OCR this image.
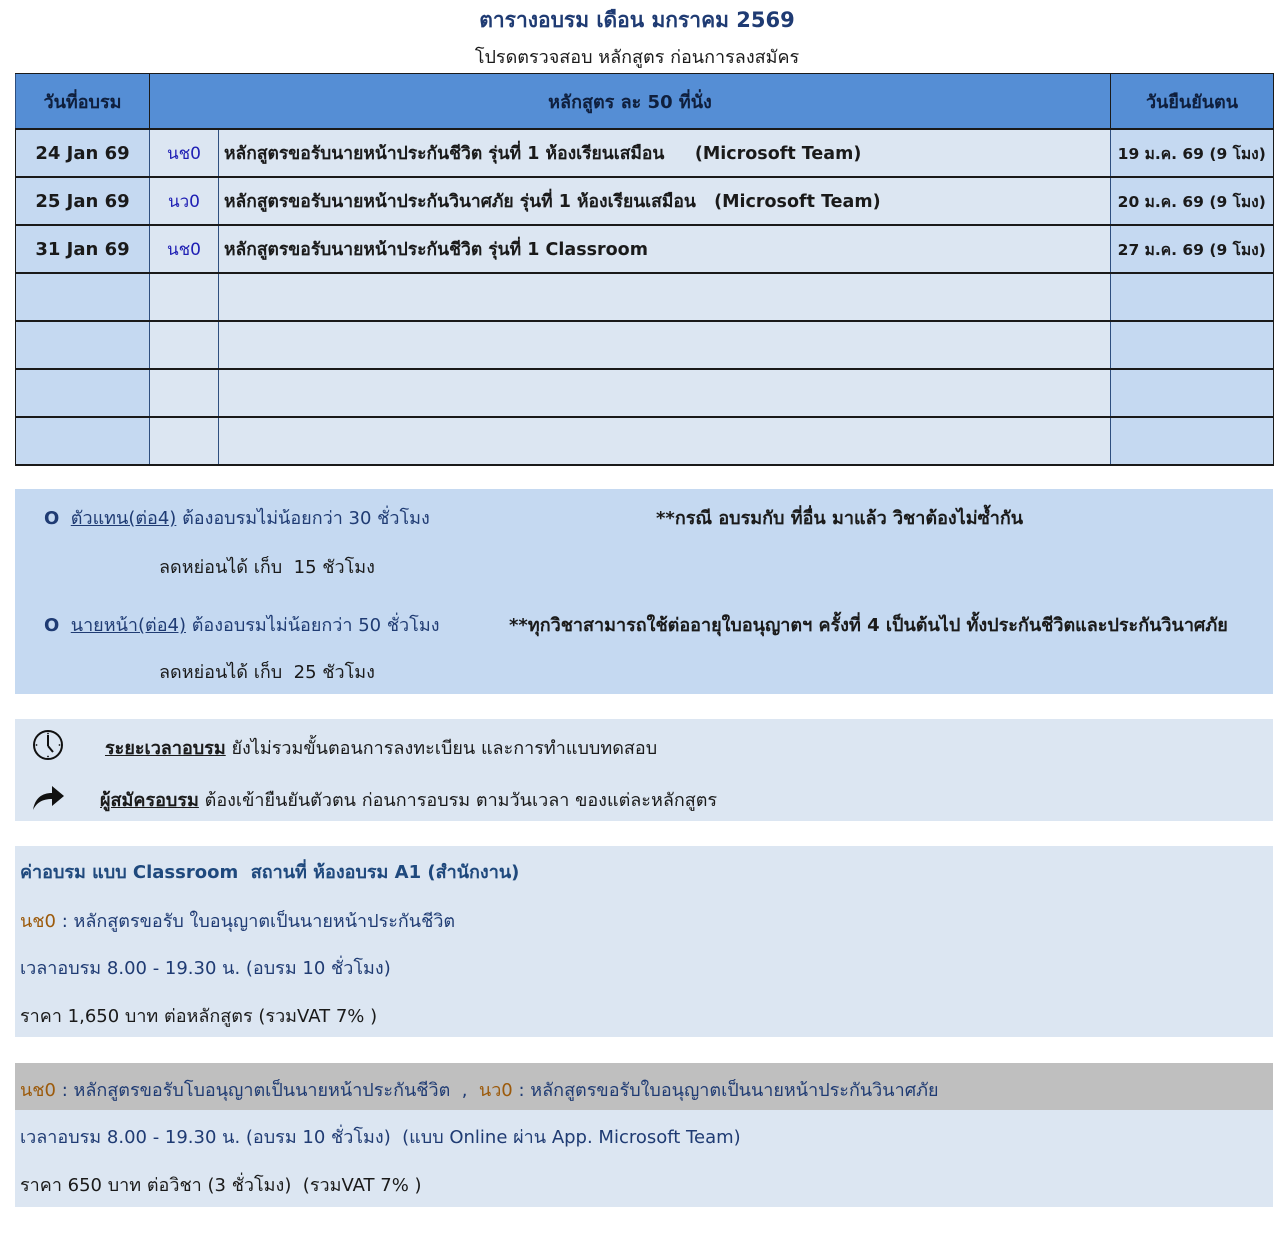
ตารางอบรม เดือน มกราคม 2569
โปรดตรวจสอบ หลักสูตร ก่อนการลงสมัคร
วันที่อบรม	หลักสูตร ละ 50 ที่นั่ง		วันยืนยันตน
24 Jan 69	นช0	หลักสูตรขอรับนายหน้าประกันชีวิต รุ่นที่ 1 ห้องเรียนเสมือน     (Microsoft Team)	19 ม.ค. 69 (9 โมง)
25 Jan 69	นว0	หลักสูตรขอรับนายหน้าประกันวินาศภัย รุ่นที่ 1 ห้องเรียนเสมือน   (Microsoft Team)	20 ม.ค. 69 (9 โมง)
31 Jan 69	นช0	หลักสูตรขอรับนายหน้าประกันชีวิต รุ่นที่ 1 Classroom	27 ม.ค. 69 (9 โมง)

O ตัวแทน(ต่อ4) ต้องอบรมไม่น้อยกว่า 30 ชั่วโมง	**กรณี อบรมกับ ที่อื่น มาแล้ว วิชาต้องไม่ซ้ำกัน
ลดหย่อนได้ เก็บ  15 ชัวโมง
O นายหน้า(ต่อ4) ต้องอบรมไม่น้อยกว่า 50 ชั่วโมง	**ทุกวิชาสามารถใช้ต่ออายุใบอนุญาตฯ ครั้งที่ 4 เป็นต้นไป ทั้งประกันชีวิตและประกันวินาศภัย
ลดหย่อนได้ เก็บ  25 ชัวโมง
ระยะเวลาอบรม ยังไม่รวมขั้นตอนการลงทะเบียน และการทำแบบทดสอบ
ผู้สมัครอบรม ต้องเข้ายืนยันตัวตน ก่อนการอบรม ตามวันเวลา ของแต่ละหลักสูตร
ค่าอบรม แบบ Classroom  สถานที่ ห้องอบรม A1 (สำนักงาน)
นช0 : หลักสูตรขอรับ ใบอนุญาตเป็นนายหน้าประกันชีวิต
เวลาอบรม 8.00 - 19.30 น. (อบรม 10 ชั่วโมง)
ราคา 1,650 บาท ต่อหลักสูตร (รวมVAT 7% )
นช0 : หลักสูตรขอรับโบอนุญาตเป็นนายหน้าประกันชีวิต  ,  นว0 : หลักสูตรขอรับใบอนุญาตเป็นนายหน้าประกันวินาศภัย
เวลาอบรม 8.00 - 19.30 น. (อบรม 10 ชั่วโมง)  (แบบ Online ผ่าน App. Microsoft Team)
ราคา 650 บาท ต่อวิชา (3 ชั่วโมง)  (รวมVAT 7% )
